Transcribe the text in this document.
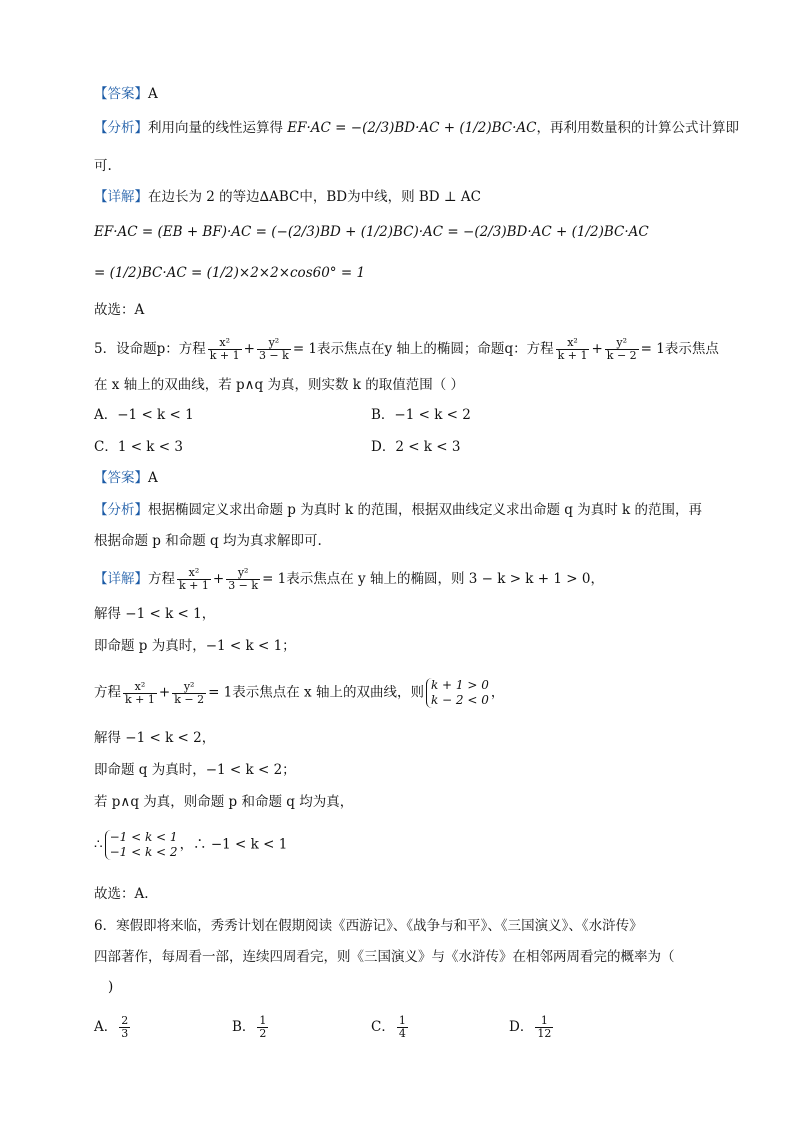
【答案】A
【分析】利用向量的线性运算得 EF·AC = −(2/3)BD·AC + (1/2)BC·AC，再利用数量积的计算公式计算即
可.
【详解】在边长为 2 的等边∆ABC中，BD为中线，则 BD ⊥ AC
EF·AC = (EB + BF)·AC = (−(2/3)BD + (1/2)BC)·AC = −(2/3)BD·AC + (1/2)BC·AC
= (1/2)BC·AC = (1/2)×2×2×cos60° = 1
故选：A
5．设命题p：方程 $\frac{\text{x²}}{k + 1} + \frac{\text{y²}}{3 - k} = 1$表示焦点在y 轴上的椭圆；命题q：方程 $\frac{\text{x²}}{k + 1} + \frac{\text{y²}}{k - 2} = 1$表示焦点
在 x 轴上的双曲线，若 p∧q 为真，则实数 k 的取值范围（ ）
A．−1 < k < 1	B．−1 < k < 2
C．1 < k < 3	D．2 < k < 3
【答案】A
【分析】根据椭圆定义求出命题 p 为真时 k 的范围，根据双曲线定义求出命题 q 为真时 k 的范围，再
根据命题 p 和命题 q 均为真求解即可.
【详解】方程 $\frac{\text{x²}}{k + 1} + \frac{\text{y²}}{3 - k} = 1$表示焦点在 y 轴上的椭圆，则 3 − k > k + 1 > 0，
解得 −1 < k < 1，
即命题 p 为真时，−1 < k < 1；
方程 $\frac{\text{x²}}{k + 1} + \frac{\text{y²}}{k - 2} = 1$表示焦点在 x 轴上的双曲线，则 k + 1 > 0
k − 2 < 0 ，
解得 −1 < k < 2，
即命题 q 为真时，−1 < k < 2；
若 p∧q 为真，则命题 p 和命题 q 均为真，
∴ −1 < k < 1
−1 < k < 2 ，∴ −1 < k < 1
故选：A.
6．寒假即将来临，秀秀计划在假期阅读《西游记》、《战争与和平》、《三国演义》、《水浒传》
四部著作，每周看一部，连续四周看完，则《三国演义》与《水浒传》在相邻两周看完的概率为（
)
A． $\frac{2}{3}$	B． $\frac{1}{2}$	C． $\frac{1}{4}$	D． $\frac{1}{12}$
